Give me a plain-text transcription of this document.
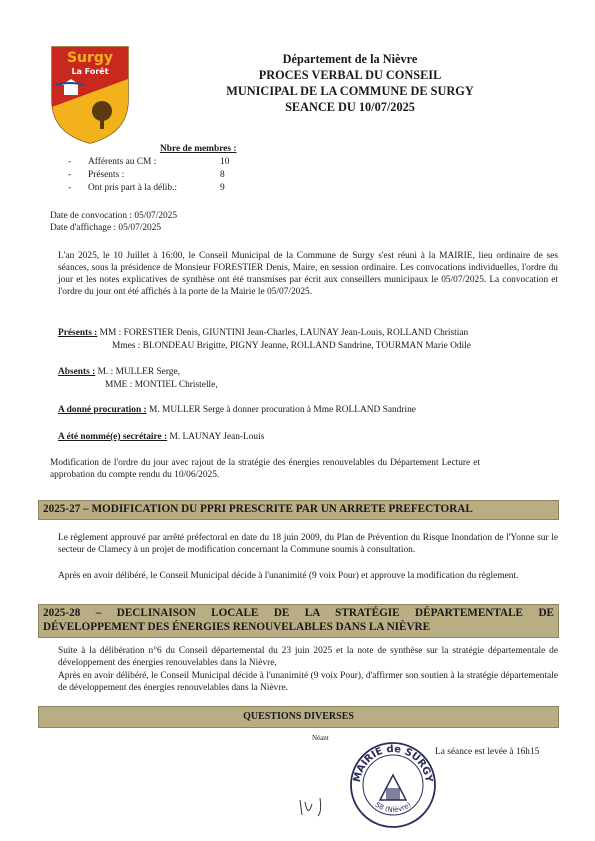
Surgy
La Forêt
Département de la Nièvre
PROCES VERBAL DU CONSEIL
MUNICIPAL DE LA COMMUNE DE SURGY
SEANCE DU 10/07/2025
Nbre de membres :
- Afférents au CM :	10
- Présents :	8
- Ont pris part à la délib.:	9
Date de convocation : 05/07/2025
Date d'affichage : 05/07/2025
L'an 2025, le 10 Juillet à 16:00, le Conseil Municipal de la Commune de Surgy s'est réuni à la MAIRIE, lieu ordinaire de ses séances, sous la présidence de Monsieur FORESTIER Denis, Maire, en session ordinaire. Les convocations individuelles, l'ordre du jour et les notes explicatives de synthèse ont été transmises par écrit aux conseillers municipaux le 05/07/2025. La convocation et l'ordre du jour ont été affichés à la porte de la Mairie le 05/07/2025.
Présents : MM : FORESTIER Denis, GIUNTINI Jean-Charles, LAUNAY Jean-Louis, ROLLAND Christian
Mmes : BLONDEAU Brigitte, PIGNY Jeanne, ROLLAND Sandrine, TOURMAN Marie Odile
Absents : M. : MULLER Serge,
MME : MONTIEL Christelle,
A donné procuration : M. MULLER Serge à donner procuration à Mme ROLLAND Sandrine
A été nommé(e) secrétaire : M. LAUNAY Jean-Louis
Modification de l'ordre du jour avec rajout de la stratégie des énergies renouvelables du Département Lecture et approbation du compte rendu du 10/06/2025.
2025-27 – MODIFICATION DU PPRI PRESCRITE PAR UN ARRETE PREFECTORAL
Le règlement approuvé par arrêté préfectoral en date du 18 juin 2009, du Plan de Prévention du Risque Inondation de l'Yonne sur le secteur de Clamecy à un projet de modification concernant la Commune soumis à consultation.
Après en avoir délibéré, le Conseil Municipal décide à l'unanimité (9 voix Pour) et approuve la modification du règlement.
2025-28 – DECLINAISON LOCALE DE LA STRATÉGIE DÉPARTEMENTALE DE DÉVELOPPEMENT DES ÉNERGIES RENOUVELABLES DANS LA NIÈVRE
Suite à la délibération n°6 du Conseil départemental du 23 juin 2025 et la note de synthèse sur la stratégie départementale de développement des énergies renouvelables dans la Nièvre,
Après en avoir délibéré, le Conseil Municipal décide à l'unanimité (9 voix Pour), d'affirmer son soutien à la stratégie départementale de développement des énergies renouvelables dans la Nièvre.
QUESTIONS DIVERSES
Néant
La séance est levée à 16h15
MAIRIE de SURGY
58 (Nièvre)
